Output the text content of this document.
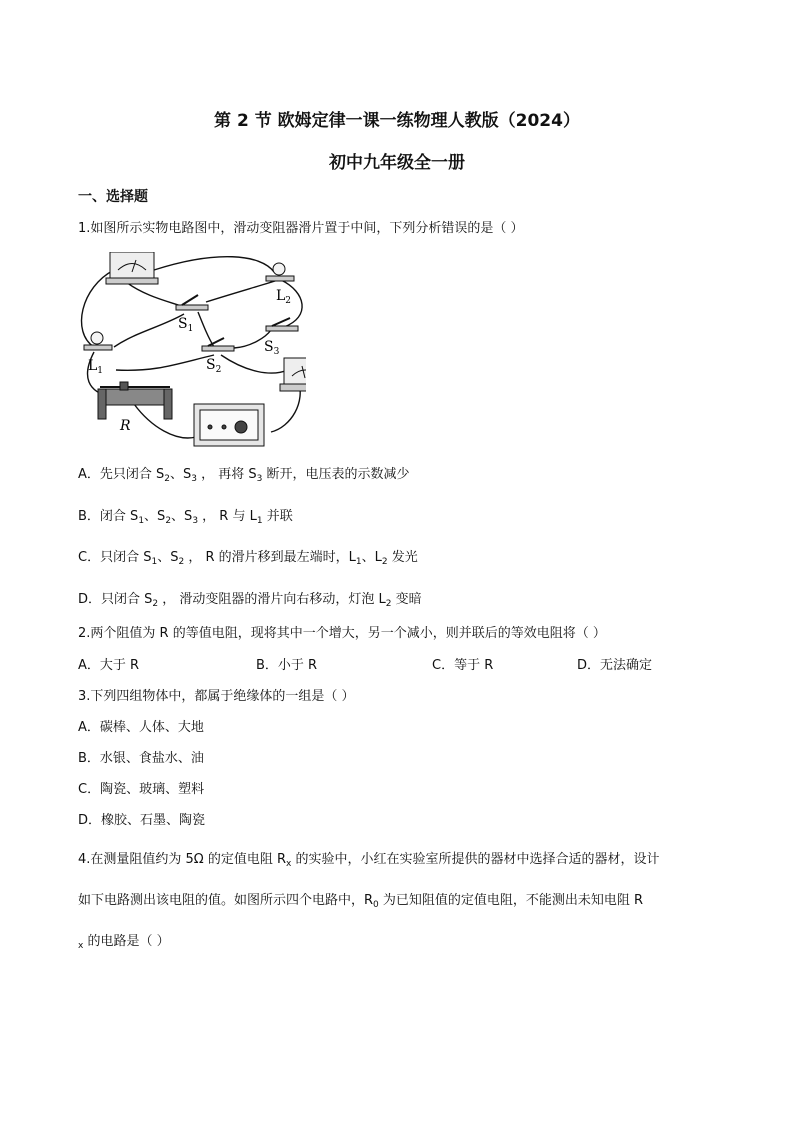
第 2 节 欧姆定律一课一练物理人教版（2024）
初中九年级全一册
一、选择题
1.如图所示实物电路图中，滑动变阻器滑片置于中间，下列分析错误的是（ ）
$L_2$
$S_1$
$S_3$
$L_1$	$S_2$
R
A．先只闭合 $S_2$、$S_3$ ， 再将 $S_3$ 断开，电压表的示数减少
B．闭合 $S_1$、$S_2$、$S_3$ ， R 与 $L_1$ 并联
C．只闭合 $S_1$、$S_2$ ， R 的滑片移到最左端时，$L_1$、$L_2$ 发光
D．只闭合 $S_2$ ， 滑动变阻器的滑片向右移动，灯泡 $L_2$ 变暗
2.两个阻值为 R 的等值电阻，现将其中一个增大，另一个减小，则并联后的等效电阻将（ ）
A．大于 R	B．小于 R	C．等于 R	D．无法确定
3.下列四组物体中，都属于绝缘体的一组是（ ）
A．碳棒、人体、大地
B．水银、食盐水、油
C．陶瓷、玻璃、塑料
D．橡胶、石墨、陶瓷
4.在测量阻值约为 5Ω 的定值电阻 $R_x$ 的实验中，小红在实验室所提供的器材中选择合适的器材，设计
如下电路测出该电阻的值。如图所示四个电路中，$R_0$ 为已知阻值的定值电阻，不能测出未知电阻 R
$_x$ 的电路是（ ）
